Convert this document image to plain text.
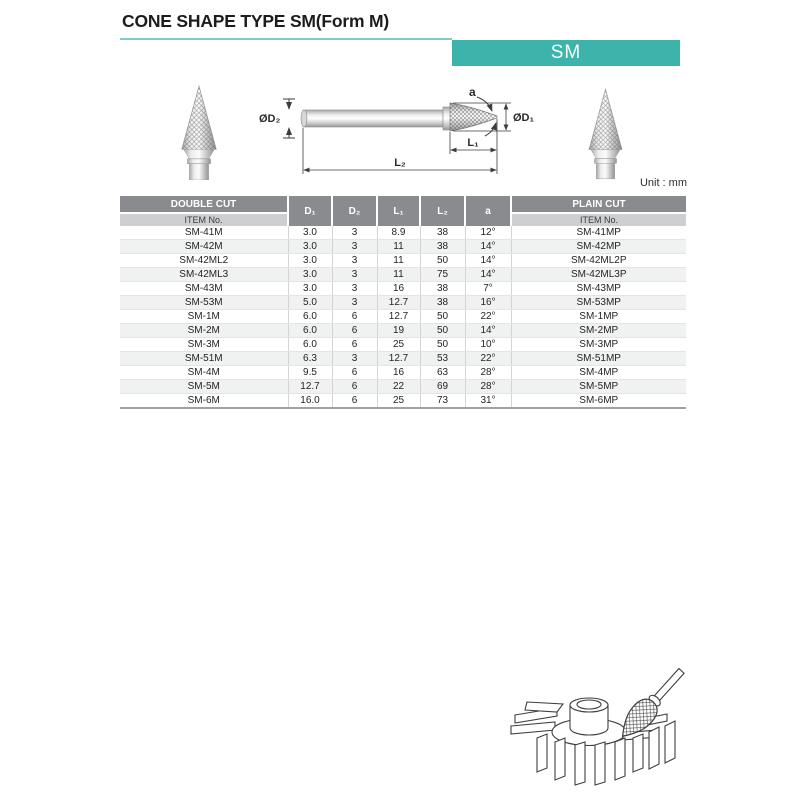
CONE SHAPE TYPE SM(Form M)
SM
ØD₂	ØD₁
a
L₁
L₂
Unit : mm
DOUBLE CUT	D₁	D₂	L₁	L₂	a	PLAIN CUT
ITEM No.						ITEM No.
SM-41M	3.0	3	8.9	38	12°	SM-41MP
SM-42M	3.0	3	11	38	14°	SM-42MP
SM-42ML2	3.0	3	11	50	14°	SM-42ML2P
SM-42ML3	3.0	3	11	75	14°	SM-42ML3P
SM-43M	3.0	3	16	38	7°	SM-43MP
SM-53M	5.0	3	12.7	38	16°	SM-53MP
SM-1M	6.0	6	12.7	50	22°	SM-1MP
SM-2M	6.0	6	19	50	14°	SM-2MP
SM-3M	6.0	6	25	50	10°	SM-3MP
SM-51M	6.3	3	12.7	53	22°	SM-51MP
SM-4M	9.5	6	16	63	28°	SM-4MP
SM-5M	12.7	6	22	69	28°	SM-5MP
SM-6M	16.0	6	25	73	31°	SM-6MP
